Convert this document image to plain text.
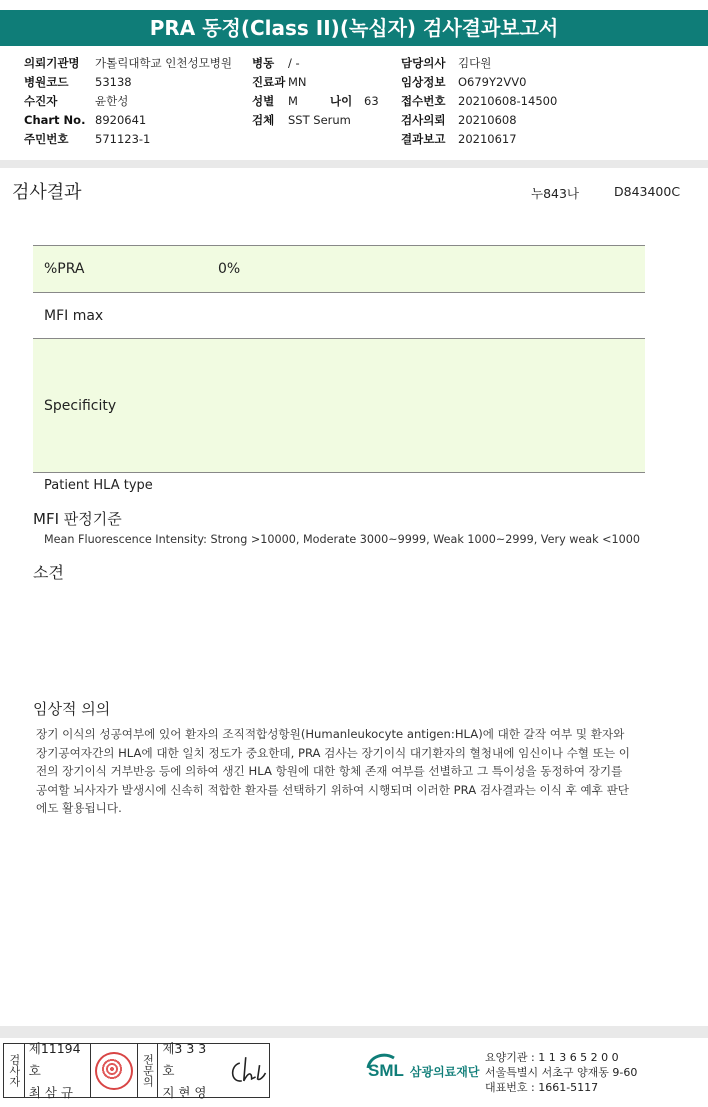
PRA 동정(Class II)(녹십자) 검사결과보고서
의뢰기관명	가톨릭대학교 인천성모병원
병원코드	53138
수진자	윤한성
Chart No. 8920641
주민번호	571123-1
병동	/ -
진료과 MN
성별	M	나이	63
검체	SST Serum
담당의사	김다원
임상정보	O679Y2VV0
접수번호	20210608-14500
검사의뢰	20210608
결과보고	20210617
검사결과	누843나	D843400C
%PRA	0%
MFI max
Specificity
Patient HLA type
MFI 판정기준
Mean Fluorescence Intensity: Strong >10000, Moderate 3000~9999, Weak 1000~2999, Very weak <1000
소견
임상적 의의
장기 이식의 성공여부에 있어 환자의 조직적합성항원(Humanleukocyte antigen:HLA)에 대한 갈작 여부 및 환자와 장기공여자간의 HLA에 대한 일치 정도가 중요한데, PRA 검사는 장기이식 대기환자의 혈청내에 임신이나 수혈 또는 이전의 장기이식 거부반응 등에 의하여 생긴 HLA 항원에 대한 항체 존재 여부를 선별하고 그 특이성을 동정하여 장기를 공여할 뇌사자가 발생시에 신속히 적합한 환자를 선택하기 위하여 시행되며 이러한 PRA 검사결과는 이식 후 예후 판단에도 활용됩니다.
검사자
제11194호
최 삼 규
전문의
제3 3 3 호
지 현 영
SML 삼광의료재단
요양기관 : 1 1 3 6 5 2 0 0
서울특별시 서초구 양재동 9-60
대표번호 : 1661-5117
